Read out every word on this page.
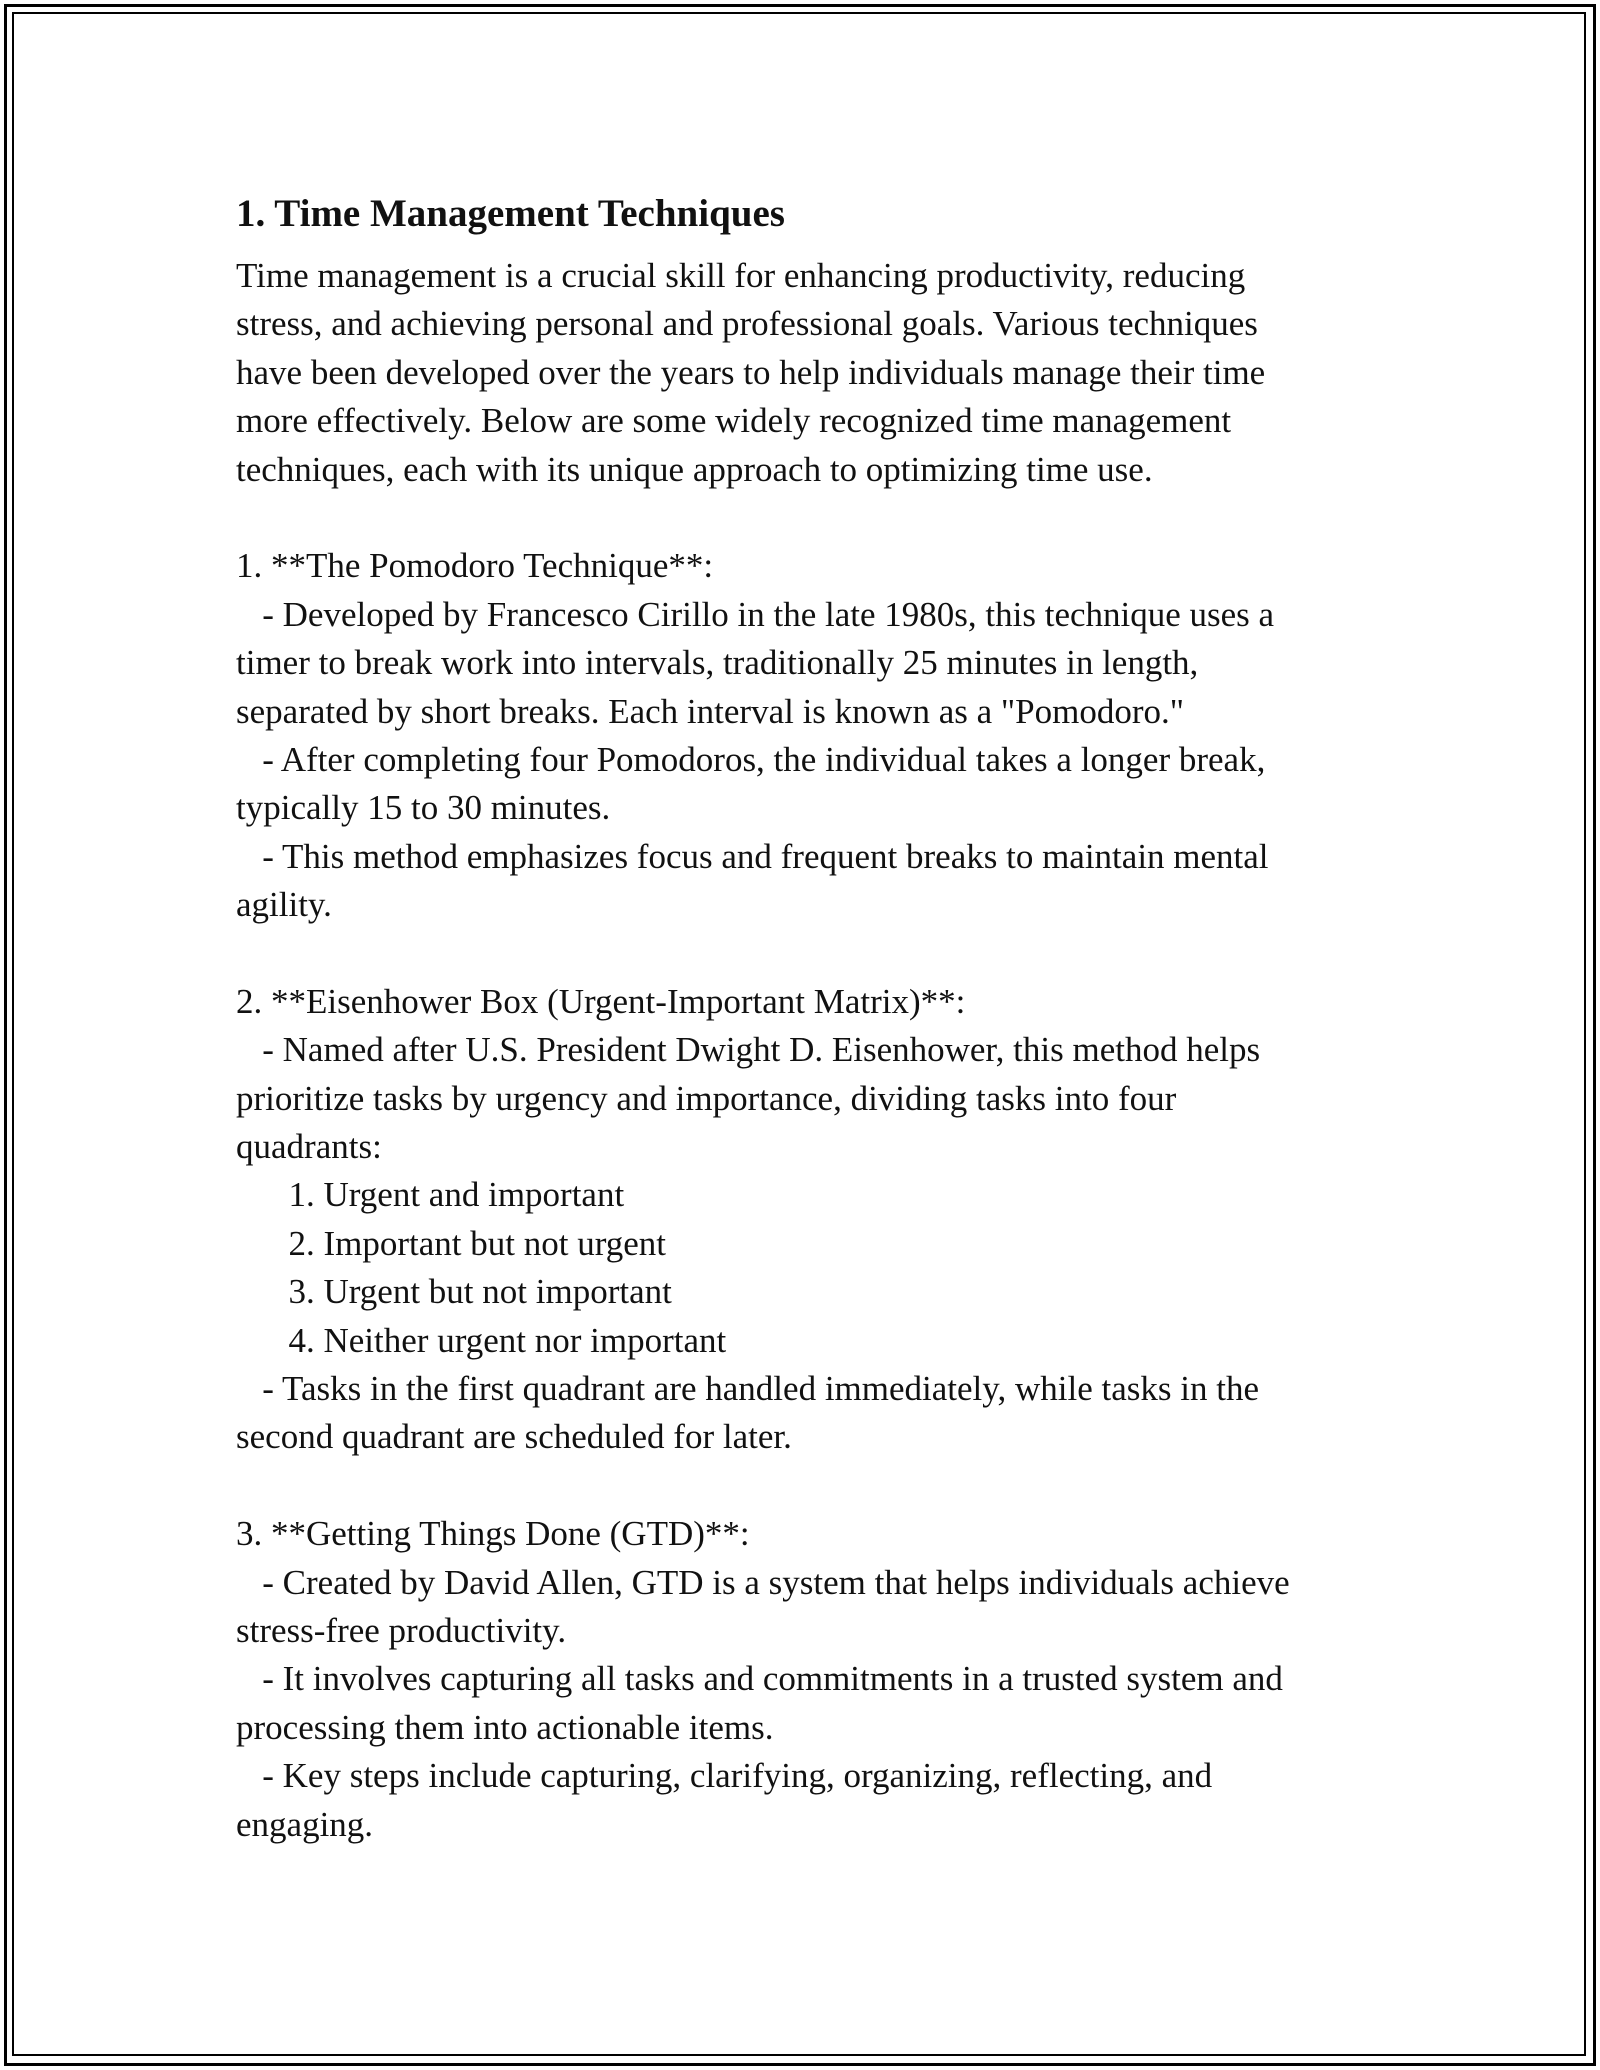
1. Time Management Techniques
Time management is a crucial skill for enhancing productivity, reducing
stress, and achieving personal and professional goals. Various techniques
have been developed over the years to help individuals manage their time
more effectively. Below are some widely recognized time management
techniques, each with its unique approach to optimizing time use.
1. **The Pomodoro Technique**:
- Developed by Francesco Cirillo in the late 1980s, this technique uses a
timer to break work into intervals, traditionally 25 minutes in length,
separated by short breaks. Each interval is known as a "Pomodoro."
- After completing four Pomodoros, the individual takes a longer break,
typically 15 to 30 minutes.
- This method emphasizes focus and frequent breaks to maintain mental
agility.
2. **Eisenhower Box (Urgent-Important Matrix)**:
- Named after U.S. President Dwight D. Eisenhower, this method helps
prioritize tasks by urgency and importance, dividing tasks into four
quadrants:
1. Urgent and important
2. Important but not urgent
3. Urgent but not important
4. Neither urgent nor important
- Tasks in the first quadrant are handled immediately, while tasks in the
second quadrant are scheduled for later.
3. **Getting Things Done (GTD)**:
- Created by David Allen, GTD is a system that helps individuals achieve
stress-free productivity.
- It involves capturing all tasks and commitments in a trusted system and
processing them into actionable items.
- Key steps include capturing, clarifying, organizing, reflecting, and
engaging.
